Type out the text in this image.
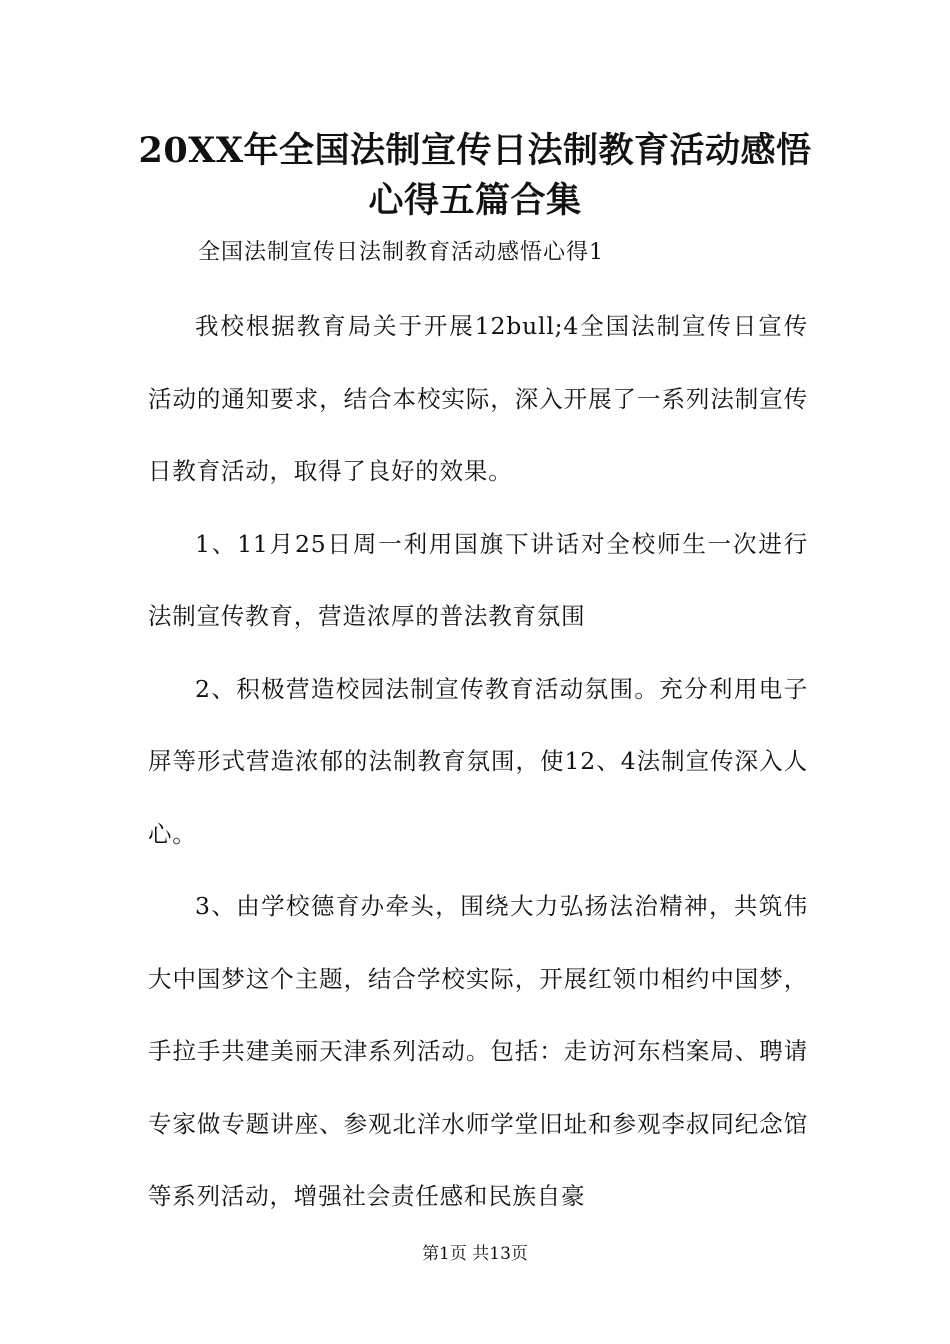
20XX年全国法制宣传日法制教育活动感悟
心得五篇合集
全国法制宣传日法制教育活动感悟心得1

我校根据教育局关于开展12bull;4全国法制宣传日宣传活动的通知要求，结合本校实际，深入开展了一系列法制宣传日教育活动，取得了良好的效果。

1、11月25日周一利用国旗下讲话对全校师生一次进行法制宣传教育，营造浓厚的普法教育氛围

2、积极营造校园法制宣传教育活动氛围。充分利用电子屏等形式营造浓郁的法制教育氛围，使12、4法制宣传深入人心。

3、由学校德育办牵头，围绕大力弘扬法治精神，共筑伟大中国梦这个主题，结合学校实际，开展红领巾相约中国梦，手拉手共建美丽天津系列活动。包括：走访河东档案局、聘请专家做专题讲座、参观北洋水师学堂旧址和参观李叔同纪念馆等系列活动，增强社会责任感和民族自豪

第1页 共13页
